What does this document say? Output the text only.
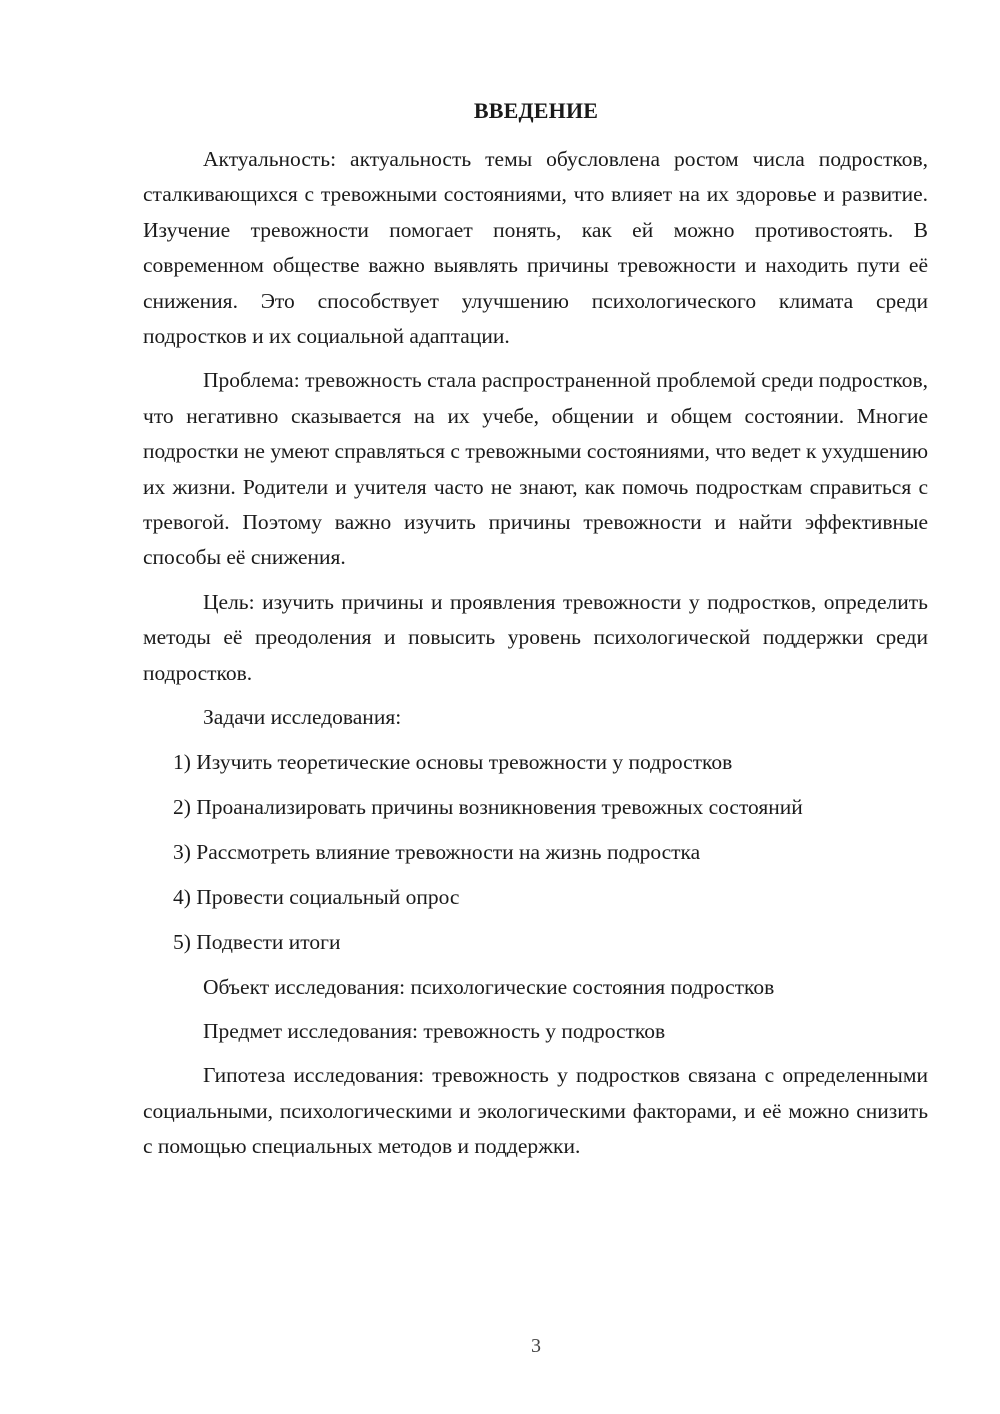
ВВЕДЕНИЕ

Актуальность: актуальность темы обусловлена ростом числа подростков, сталкивающихся с тревожными состояниями, что влияет на их здоровье и развитие. Изучение тревожности помогает понять, как ей можно противостоять. В современном обществе важно выявлять причины тревожности и находить пути её снижения. Это способствует улучшению психологического климата среди подростков и их социальной адаптации.

Проблема: тревожность стала распространенной проблемой среди подростков, что негативно сказывается на их учебе, общении и общем состоянии. Многие подростки не умеют справляться с тревожными состояниями, что ведет к ухудшению их жизни. Родители и учителя часто не знают, как помочь подросткам справиться с тревогой. Поэтому важно изучить причины тревожности и найти эффективные способы её снижения.

Цель: изучить причины и проявления тревожности у подростков, определить методы её преодоления и повысить уровень психологической поддержки среди подростков.

Задачи исследования:

1) Изучить теоретические основы тревожности у подростков
2) Проанализировать причины возникновения тревожных состояний
3) Рассмотреть влияние тревожности на жизнь подростка
4) Провести социальный опрос
5) Подвести итоги

Объект исследования: психологические состояния подростков

Предмет исследования: тревожность у подростков

Гипотеза исследования: тревожность у подростков связана с определенными социальными, психологическими и экологическими факторами, и её можно снизить с помощью специальных методов и поддержки.

3
